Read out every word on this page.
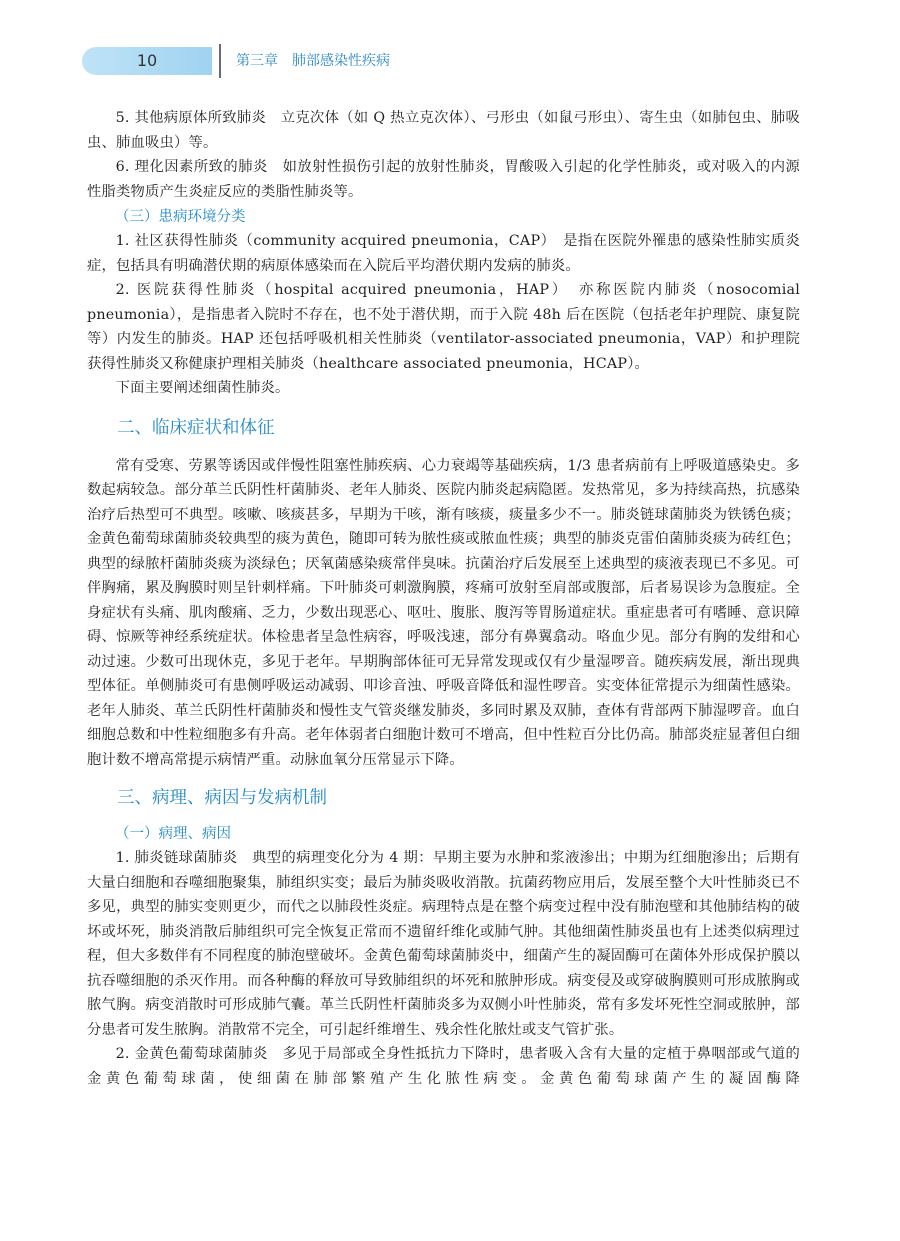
10	第三章　肺部感染性疾病

5. 其他病原体所致肺炎　立克次体（如 Q 热立克次体）、弓形虫（如鼠弓形虫）、寄生虫（如肺包虫、肺吸虫、肺血吸虫）等。

6. 理化因素所致的肺炎　如放射性损伤引起的放射性肺炎，胃酸吸入引起的化学性肺炎，或对吸入的内源性脂类物质产生炎症反应的类脂性肺炎等。

（三）患病环境分类

1. 社区获得性肺炎（community acquired pneumonia，CAP）　是指在医院外罹患的感染性肺实质炎症，包括具有明确潜伏期的病原体感染而在入院后平均潜伏期内发病的肺炎。

2. 医院获得性肺炎（hospital acquired pneumonia，HAP）　亦称医院内肺炎（nosocomial pneumonia），是指患者入院时不存在，也不处于潜伏期，而于入院 48h 后在医院（包括老年护理院、康复院等）内发生的肺炎。HAP 还包括呼吸机相关性肺炎（ventilator-associated pneumonia，VAP）和护理院获得性肺炎又称健康护理相关肺炎（healthcare associated pneumonia，HCAP）。

下面主要阐述细菌性肺炎。

二、临床症状和体征

常有受寒、劳累等诱因或伴慢性阻塞性肺疾病、心力衰竭等基础疾病，1/3 患者病前有上呼吸道感染史。多数起病较急。部分革兰氏阴性杆菌肺炎、老年人肺炎、医院内肺炎起病隐匿。发热常见，多为持续高热，抗感染治疗后热型可不典型。咳嗽、咳痰甚多，早期为干咳，渐有咳痰，痰量多少不一。肺炎链球菌肺炎为铁锈色痰；金黄色葡萄球菌肺炎较典型的痰为黄色，随即可转为脓性痰或脓血性痰；典型的肺炎克雷伯菌肺炎痰为砖红色；典型的绿脓杆菌肺炎痰为淡绿色；厌氧菌感染痰常伴臭味。抗菌治疗后发展至上述典型的痰液表现已不多见。可伴胸痛，累及胸膜时则呈针刺样痛。下叶肺炎可刺激胸膜，疼痛可放射至肩部或腹部，后者易误诊为急腹症。全身症状有头痛、肌肉酸痛、乏力，少数出现恶心、呕吐、腹胀、腹泻等胃肠道症状。重症患者可有嗜睡、意识障碍、惊厥等神经系统症状。体检患者呈急性病容，呼吸浅速，部分有鼻翼翕动。咯血少见。部分有胸的发绀和心动过速。少数可出现休克，多见于老年。早期胸部体征可无异常发现或仅有少量湿啰音。随疾病发展，渐出现典型体征。单侧肺炎可有患侧呼吸运动减弱、叩诊音浊、呼吸音降低和湿性啰音。实变体征常提示为细菌性感染。老年人肺炎、革兰氏阴性杆菌肺炎和慢性支气管炎继发肺炎，多同时累及双肺，查体有背部两下肺湿啰音。血白细胞总数和中性粒细胞多有升高。老年体弱者白细胞计数可不增高，但中性粒百分比仍高。肺部炎症显著但白细胞计数不增高常提示病情严重。动脉血氧分压常显示下降。

三、病理、病因与发病机制
（一）病理、病因

1. 肺炎链球菌肺炎　典型的病理变化分为 4 期：早期主要为水肿和浆液渗出；中期为红细胞渗出；后期有大量白细胞和吞噬细胞聚集，肺组织实变；最后为肺炎吸收消散。抗菌药物应用后，发展至整个大叶性肺炎已不多见，典型的肺实变则更少，而代之以肺段性炎症。病理特点是在整个病变过程中没有肺泡壁和其他肺结构的破坏或坏死，肺炎消散后肺组织可完全恢复正常而不遗留纤维化或肺气肿。其他细菌性肺炎虽也有上述类似病理过程，但大多数伴有不同程度的肺泡壁破坏。金黄色葡萄球菌肺炎中，细菌产生的凝固酶可在菌体外形成保护膜以抗吞噬细胞的杀灭作用。而各种酶的释放可导致肺组织的坏死和脓肿形成。病变侵及或穿破胸膜则可形成脓胸或脓气胸。病变消散时可形成肺气囊。革兰氏阴性杆菌肺炎多为双侧小叶性肺炎，常有多发坏死性空洞或脓肿，部分患者可发生脓胸。消散常不完全，可引起纤维增生、残余性化脓灶或支气管扩张。

2. 金黄色葡萄球菌肺炎　多见于局部或全身性抵抗力下降时，患者吸入含有大量的定植于鼻咽部或气道的金黄色葡萄球菌，使细菌在肺部繁殖产生化脓性病变。金黄色葡萄球菌产生的凝固酶降
